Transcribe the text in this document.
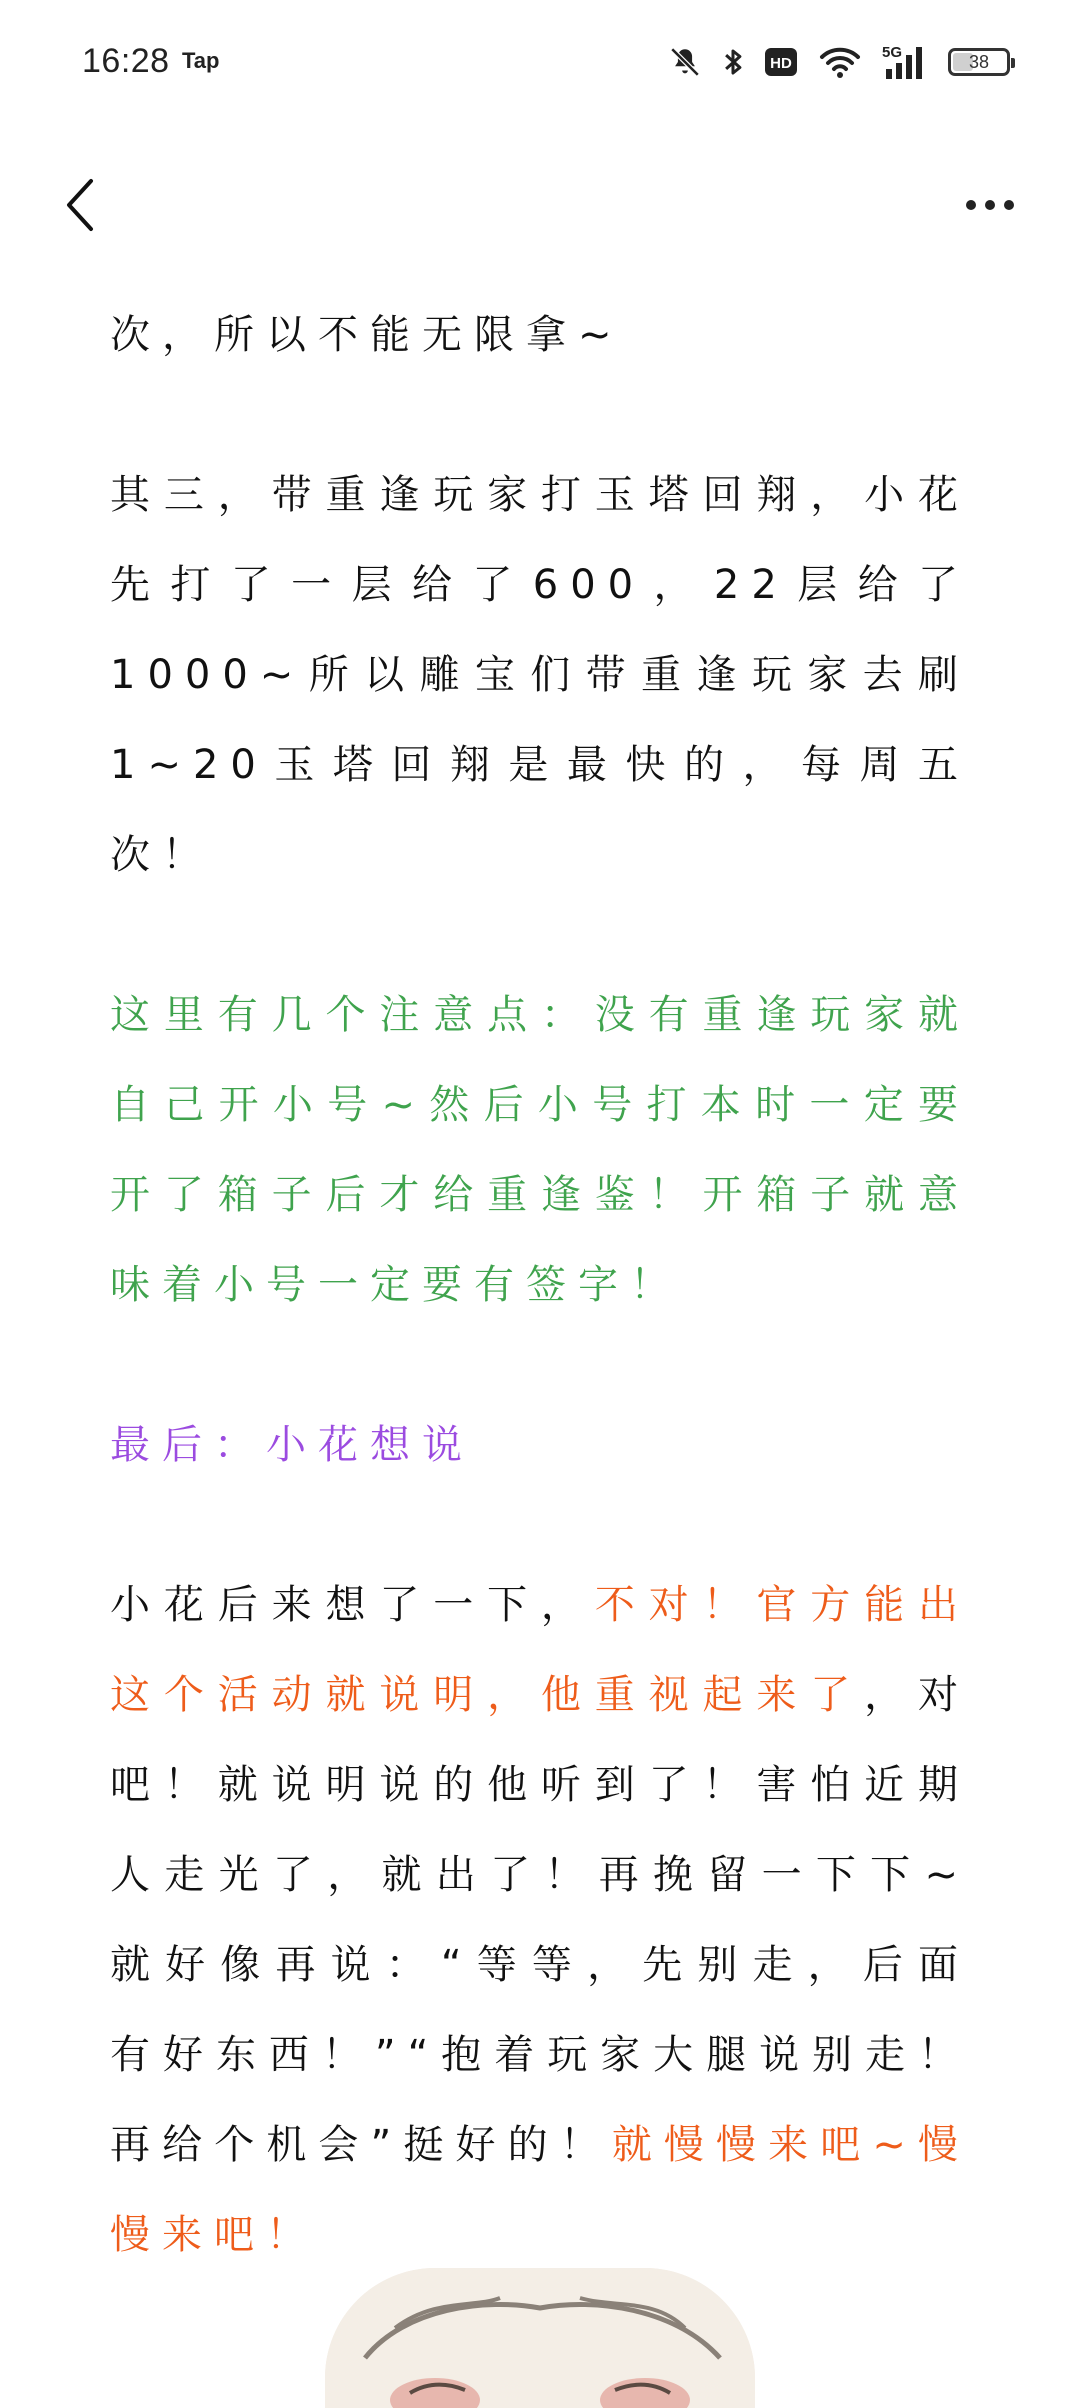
16:28 Tap	HD
5G	38

次，所以不能无限拿~

其三，带重逢玩家打玉塔回翔，小花先打了一层给了600，22层给了1000~所以雕宝们带重逢玩家去刷1~20玉塔回翔是最快的，每周五次！

这里有几个注意点：没有重逢玩家就自己开小号~然后小号打本时一定要开了箱子后才给重逢鉴！开箱子就意味着小号一定要有签字！

最后：小花想说

小花后来想了一下，不对！官方能出这个活动就说明，他重视起来了，对吧！就说明说的他听到了！害怕近期人走光了，就出了！再挽留一下下~就好像再说：“等等，先别走，后面有好东西！”“抱着玩家大腿说别走！再给个机会”挺好的！就慢慢来吧~慢慢来吧！
